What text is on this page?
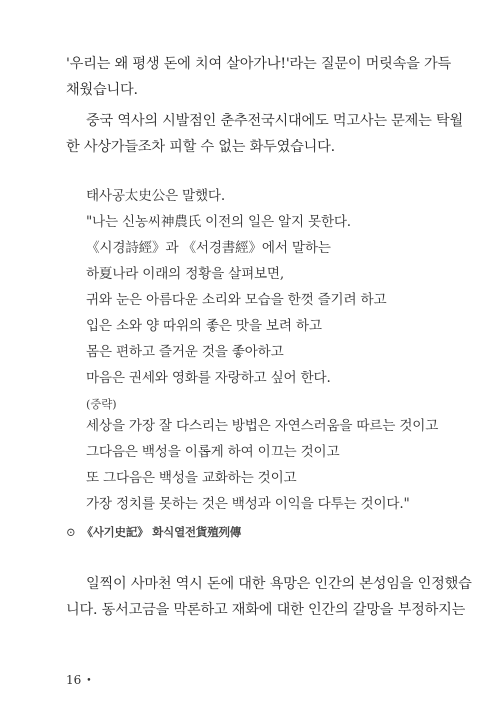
'우리는 왜 평생 돈에 치여 살아가나!'라는 질문이 머릿속을 가득
채웠습니다.
중국 역사의 시발점인 춘추전국시대에도 먹고사는 문제는 탁월
한 사상가들조차 피할 수 없는 화두였습니다.
태사공太史公은 말했다.
"나는 신농씨神農氏 이전의 일은 알지 못한다.
《시경詩經》과 《서경書經》에서 말하는
하夏나라 이래의 정황을 살펴보면,
귀와 눈은 아름다운 소리와 모습을 한껏 즐기려 하고
입은 소와 양 따위의 좋은 맛을 보려 하고
몸은 편하고 즐거운 것을 좋아하고
마음은 권세와 영화를 자랑하고 싶어 한다.
(중략)
세상을 가장 잘 다스리는 방법은 자연스러움을 따르는 것이고
그다음은 백성을 이롭게 하여 이끄는 것이고
또 그다음은 백성을 교화하는 것이고
가장 정치를 못하는 것은 백성과 이익을 다투는 것이다."
⊙ 《사기史記》 화식열전貨殖列傳
일찍이 사마천 역시 돈에 대한 욕망은 인간의 본성임을 인정했습
니다. 동서고금을 막론하고 재화에 대한 인간의 갈망을 부정하지는
16 •
